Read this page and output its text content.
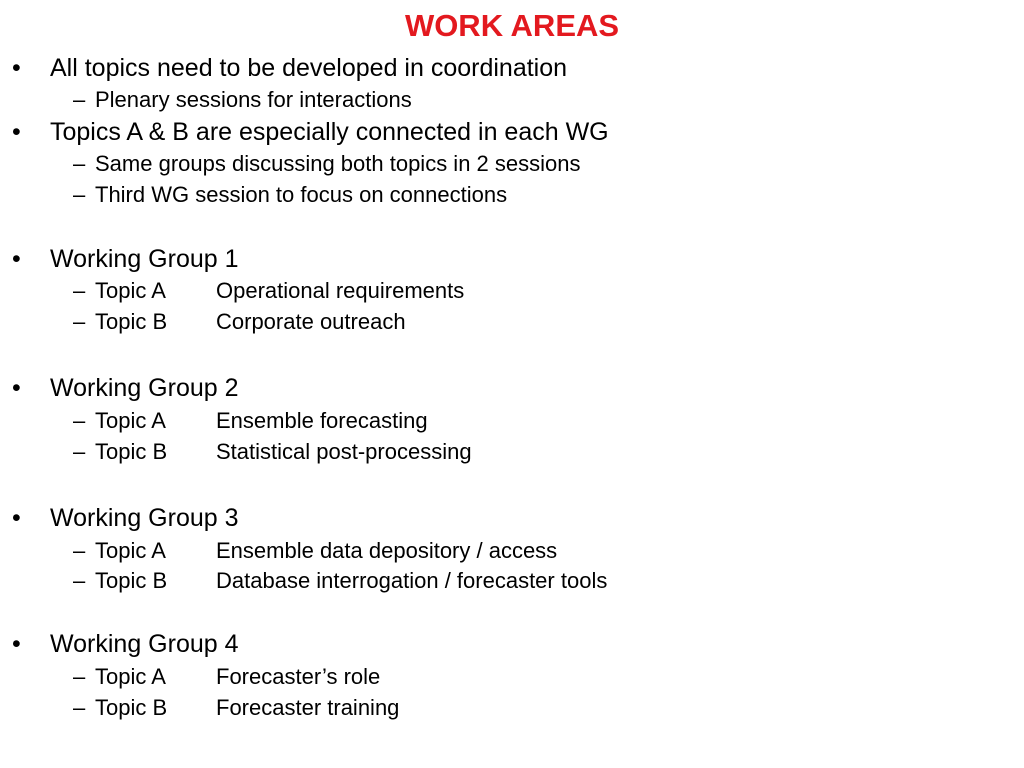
WORK AREAS
• All topics need to be developed in coordination
– Plenary sessions for interactions
• Topics A & B are especially connected in each WG
– Same groups discussing both topics in 2 sessions
– Third WG session to focus on connections
• Working Group 1
– Topic A Operational requirements
– Topic B Corporate outreach
• Working Group 2
– Topic A Ensemble forecasting
– Topic B Statistical post-processing
• Working Group 3
– Topic A Ensemble data depository / access
– Topic B Database interrogation / forecaster tools
• Working Group 4
– Topic A Forecaster’s role
– Topic B Forecaster training
